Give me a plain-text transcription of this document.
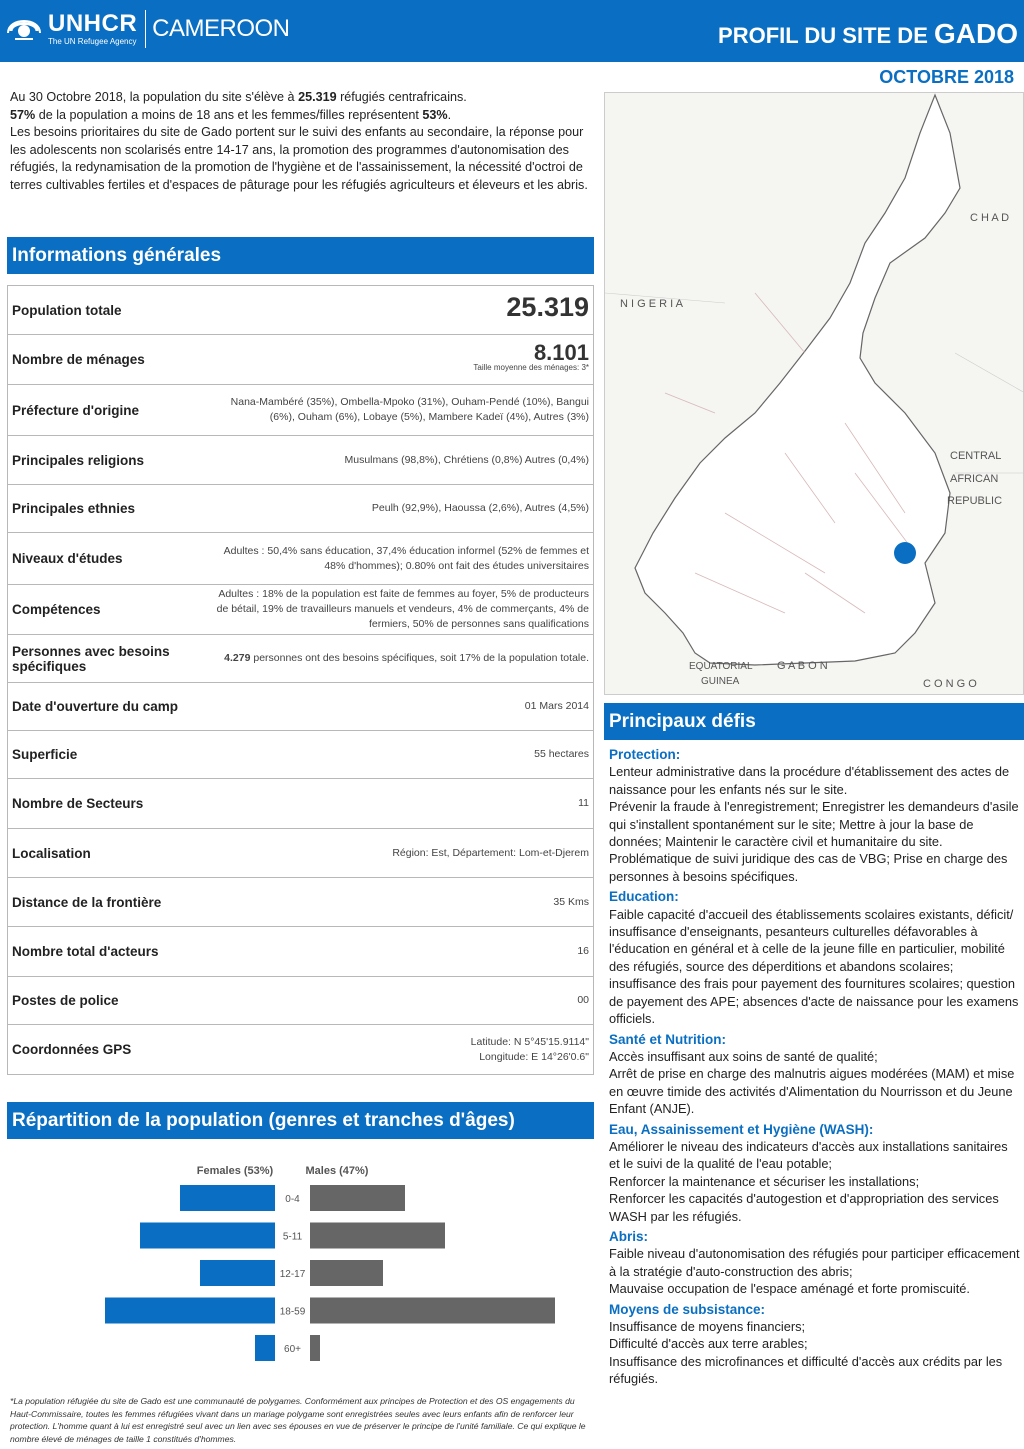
UNHCR
The UN Refugee Agency CAMEROON	PROFIL DU SITE DE GADO
OCTOBRE 2018
Au 30 Octobre 2018, la population du site s'élève à 25.319 réfugiés centrafricains.
57% de la population a moins de 18 ans et les femmes/filles représentent 53%.
Les besoins prioritaires du site de Gado portent sur le suivi des enfants au secondaire, la réponse pour les adolescents non scolarisés entre 14-17 ans, la promotion des programmes d'autonomisation des réfugiés, la redynamisation de la promotion de l'hygiène et de l'assainissement, la nécessité d'octroi de terres cultivables fertiles et d'espaces de pâturage pour les réfugiés agriculteurs et éleveurs et les abris.
Informations générales
Population totale	25.319
Nombre de ménages	8.101
Taille moyenne des ménages: 3*

Préfecture d'origine	Nana-Mambéré (35%), Ombella-Mpoko (31%), Ouham-Pendé (10%), Bangui (6%), Ouham (6%), Lobaye (5%), Mambere Kadeï (4%), Autres (3%)
Principales religions	Musulmans (98,8%), Chrétiens (0,8%) Autres (0,4%)
Principales ethnies	Peulh (92,9%), Haoussa (2,6%), Autres (4,5%)
Niveaux d'études	Adultes : 50,4% sans éducation, 37,4% éducation informel (52% de femmes et 48% d'hommes); 0.80% ont fait des études universitaires
Compétences	Adultes : 18% de la population est faite de femmes au foyer, 5% de producteurs de bétail, 19% de travailleurs manuels et vendeurs, 4% de commerçants, 4% de fermiers, 50% de personnes sans qualifications
Personnes avec besoins spécifiques	4.279 personnes ont des besoins spécifiques, soit 17% de la population totale.
Date d'ouverture du camp	01 Mars 2014
Superficie	55 hectares
Nombre de Secteurs	11
Localisation	Région: Est, Département: Lom-et-Djerem
Distance de la frontière	35 Kms
Nombre total d'acteurs	16
Postes de police	00
Coordonnées GPS	Latitude: N 5°45'15.9114"
Longitude: E 14°26'0.6"
Répartition de la population (genres et tranches d'âges)
Females (53%)	Males (47%)
0-4
5-11
12-17
18-59
60+
*La population réfugiée du site de Gado est une communauté de polygames. Conformément aux principes de Protection et des OS engagements du Haut-Commissaire, toutes les femmes réfugiées vivant dans un mariage polygame sont enregistrées seules avec leurs enfants afin de renforcer leur protection. L'homme quant à lui est enregistré seul avec un lien avec ses épouses en vue de préserver le principe de l'unité familiale. Ce qui explique le nombre élevé de ménages de taille 1 constitués d'hommes.
C H A D
N I G E R I A
CENTRAL
AFRICAN
REPUBLIC
EQUATORIAL
GUINEA
G A B O N
C O N G O
Principaux défis
Protection:
Lenteur administrative dans la procédure d'établissement des actes de naissance pour les enfants nés sur le site.
Prévenir la fraude à l'enregistrement; Enregistrer les demandeurs d'asile qui s'installent spontanément sur le site; Mettre à jour la base de données; Maintenir le caractère civil et humanitaire du site. Problématique de suivi juridique des cas de VBG; Prise en charge des personnes à besoins spécifiques.
Education:
Faible capacité d'accueil des établissements scolaires existants, déficit/ insuffisance d'enseignants, pesanteurs culturelles défavorables à l'éducation en général et à celle de la jeune fille en particulier, mobilité des réfugiés, source des déperditions et abandons scolaires; insuffisance des frais pour payement des fournitures scolaires; question de payement des APE; absences d'acte de naissance pour les examens officiels.
Santé et Nutrition:
Accès insuffisant aux soins de santé de qualité;
Arrêt de prise en charge des malnutris aigues modérées (MAM) et mise en œuvre timide des activités d'Alimentation du Nourrisson et du Jeune Enfant (ANJE).
Eau, Assainissement et Hygiène (WASH):
Améliorer le niveau des indicateurs d'accès aux installations sanitaires et le suivi de la qualité de l'eau potable;
Renforcer la maintenance et sécuriser les installations;
Renforcer les capacités d'autogestion et d'appropriation des services WASH par les réfugiés.
Abris:
Faible niveau d'autonomisation des réfugiés pour participer efficacement à la stratégie d'auto-construction des abris;
Mauvaise occupation de l'espace aménagé et forte promiscuité.
Moyens de subsistance:
Insuffisance de moyens financiers;
Difficulté d'accès aux terre arables;
Insuffisance des microfinances et difficulté d'accès aux crédits par les réfugiés.
